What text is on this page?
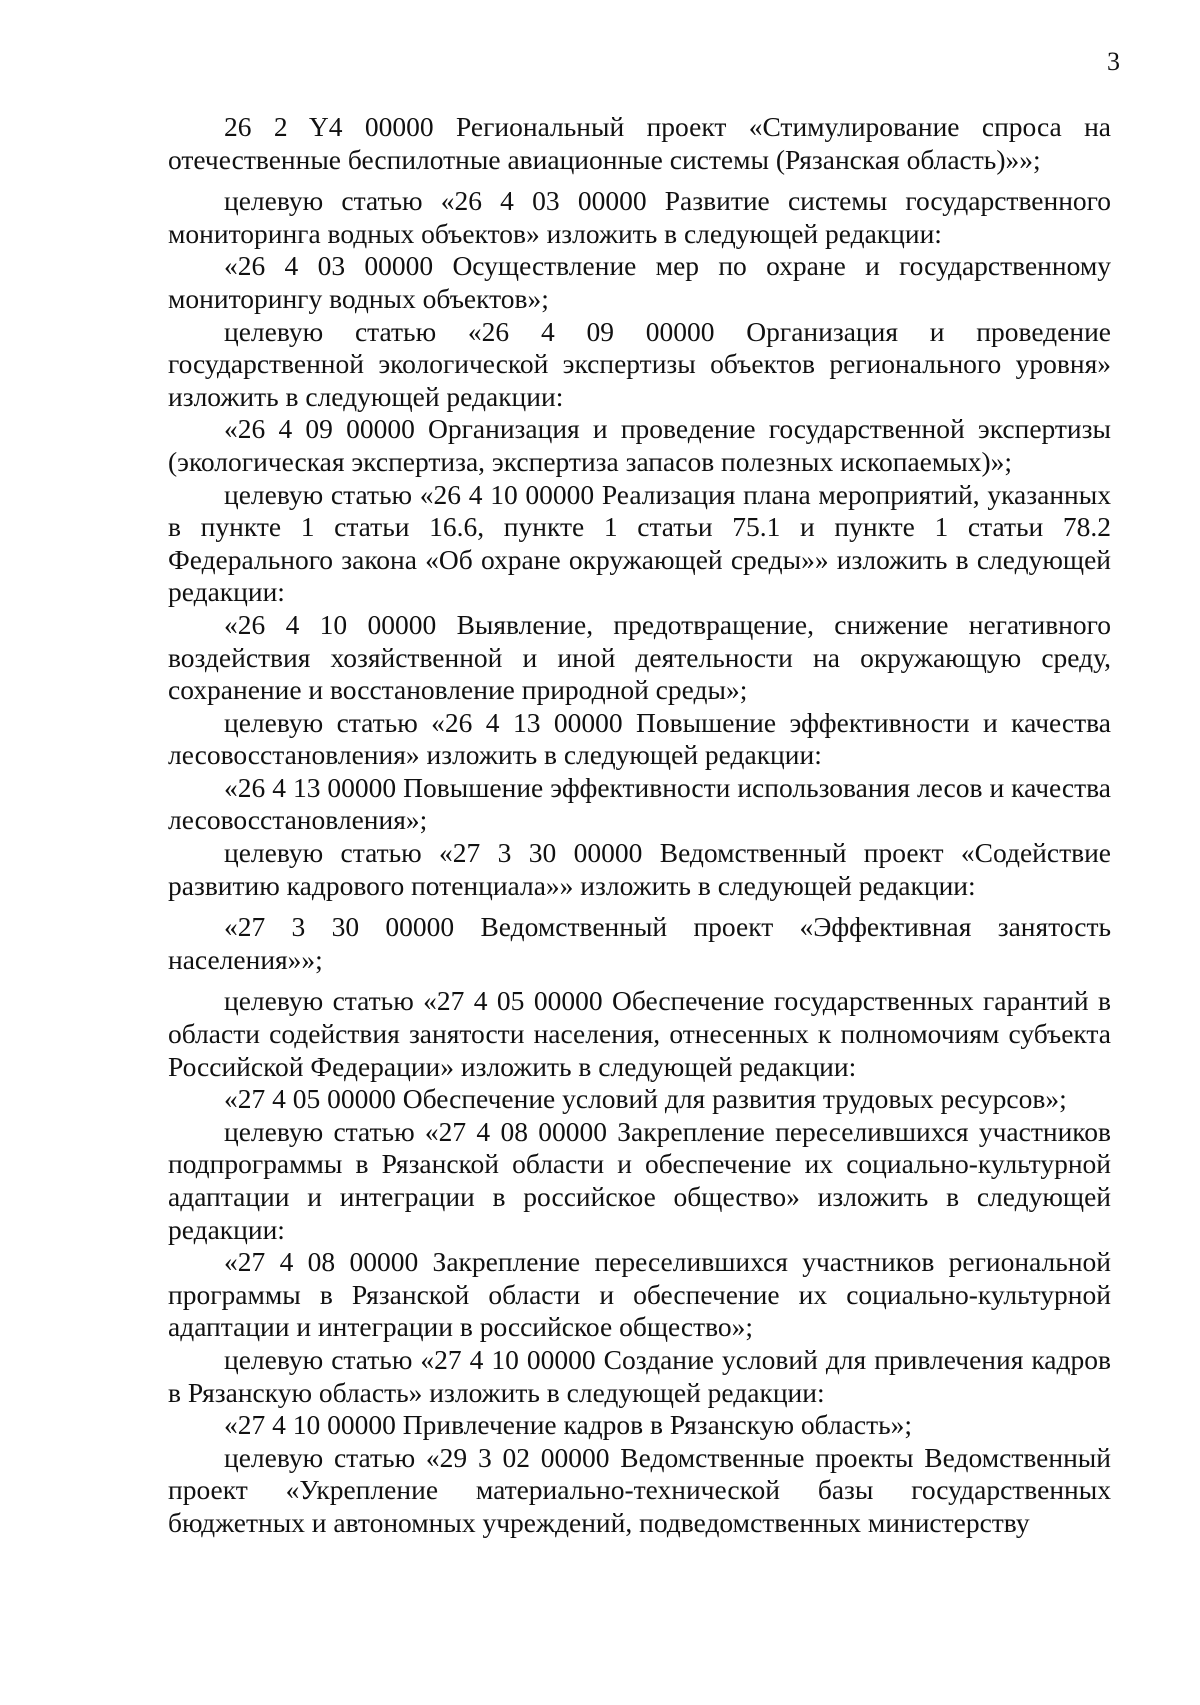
3

26 2 Y4 00000 Региональный проект «Стимулирование спроса на отечественные беспилотные авиационные системы (Рязанская область)»»;

целевую статью «26 4 03 00000 Развитие системы государственного мониторинга водных объектов» изложить в следующей редакции:

«26 4 03 00000 Осуществление мер по охране и государственному мониторингу водных объектов»;

целевую статью «26 4 09 00000 Организация и проведение государственной экологической экспертизы объектов регионального уровня» изложить в следующей редакции:

«26 4 09 00000 Организация и проведение государственной экспертизы (экологическая экспертиза, экспертиза запасов полезных ископаемых)»;

целевую статью «26 4 10 00000 Реализация плана мероприятий, указанных в пункте 1 статьи 16.6, пункте 1 статьи 75.1 и пункте 1 статьи 78.2 Федерального закона «Об охране окружающей среды»» изложить в следующей редакции:

«26 4 10 00000 Выявление, предотвращение, снижение негативного воздействия хозяйственной и иной деятельности на окружающую среду, сохранение и восстановление природной среды»;

целевую статью «26 4 13 00000 Повышение эффективности и качества лесовосстановления» изложить в следующей редакции:

«26 4 13 00000 Повышение эффективности использования лесов и качества лесовосстановления»;

целевую статью «27 3 30 00000 Ведомственный проект «Содействие развитию кадрового потенциала»» изложить в следующей редакции:

«27 3 30 00000 Ведомственный проект «Эффективная занятость населения»»;

целевую статью «27 4 05 00000 Обеспечение государственных гарантий в области содействия занятости населения, отнесенных к полномочиям субъекта Российской Федерации» изложить в следующей редакции:

«27 4 05 00000 Обеспечение условий для развития трудовых ресурсов»;

целевую статью «27 4 08 00000 Закрепление переселившихся участников подпрограммы в Рязанской области и обеспечение их социально-культурной адаптации и интеграции в российское общество» изложить в следующей редакции:

«27 4 08 00000 Закрепление переселившихся участников региональной программы в Рязанской области и обеспечение их социально-культурной адаптации и интеграции в российское общество»;

целевую статью «27 4 10 00000 Создание условий для привлечения кадров в Рязанскую область» изложить в следующей редакции:

«27 4 10 00000 Привлечение кадров в Рязанскую область»;

целевую статью «29 3 02 00000 Ведомственные проекты Ведомственный проект «Укрепление материально-технической базы государственных бюджетных и автономных учреждений, подведомственных министерству
